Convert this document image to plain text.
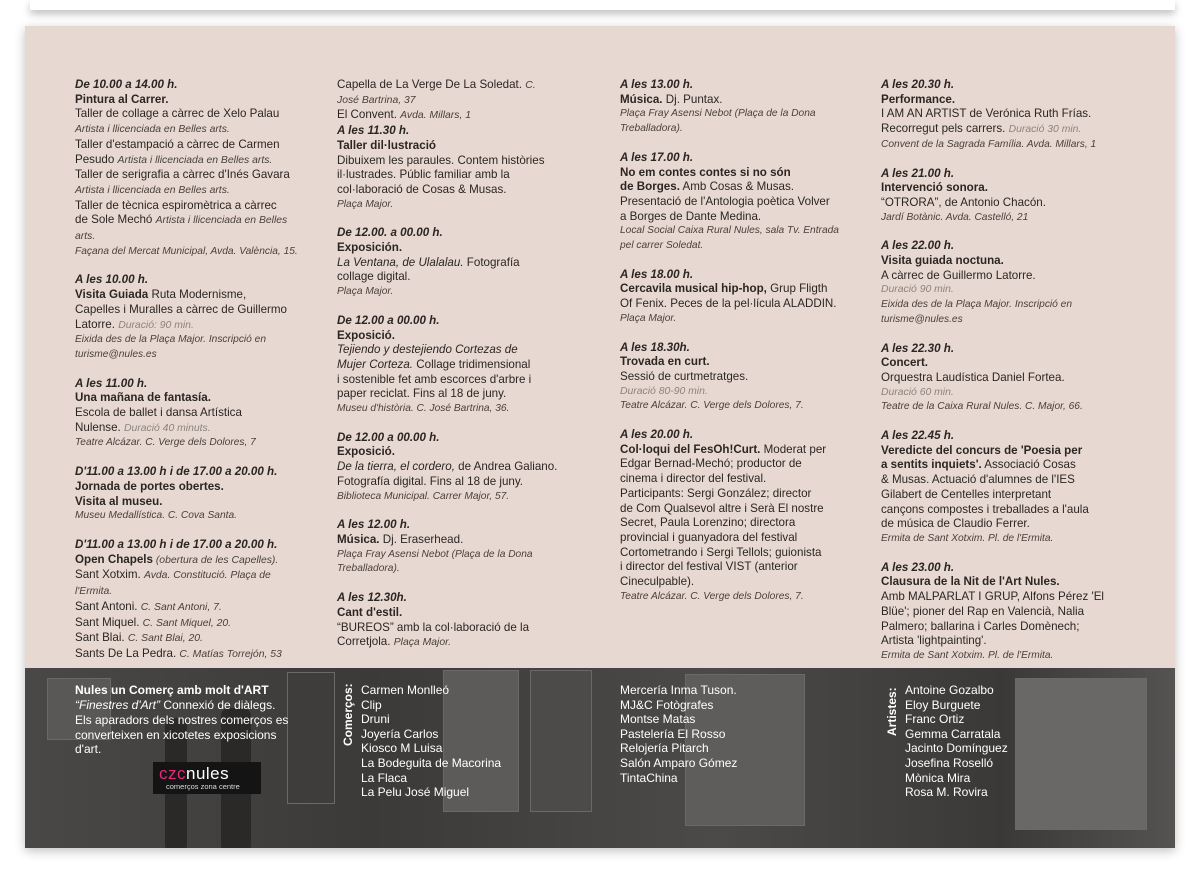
De 10.00 a 14.00 h.
Pintura al Carrer.
Taller de collage a càrrec de Xelo Palau
Artista i llicenciada en Belles arts.
Taller d'estampació a càrrec de Carmen
Pesudo Artista i llicenciada en Belles arts.
Taller de serigrafia a càrrec d'Inés Gavara
Artista i llicenciada en Belles arts.
Taller de tècnica espiromètrica a càrrec
de Sole Mechó Artista i llicenciada en Belles
arts.
Façana del Mercat Municipal, Avda. València, 15.
A les 10.00 h.
Visita Guiada Ruta Modernisme,
Capelles i Muralles a càrrec de Guillermo
Latorre. Duració: 90 min.
Eixida des de la Plaça Major. Inscripció en
turisme@nules.es
A les 11.00 h.
Una mañana de fantasía.
Escola de ballet i dansa Artística
Nulense. Duració 40 minuts.
Teatre Alcázar. C. Verge dels Dolores, 7
D'11.00 a 13.00 h i de 17.00 a 20.00 h.
Jornada de portes obertes.
Visita al museu.
Museu Medallística. C. Cova Santa.
D'11.00 a 13.00 h i de 17.00 a 20.00 h.
Open Chapels (obertura de les Capelles).
Sant Xotxim. Avda. Constitució. Plaça de
l'Ermita.
Sant Antoni. C. Sant Antoni, 7.
Sant Miquel. C. Sant Miquel, 20.
Sant Blai. C. Sant Blai, 20.
Sants De La Pedra. C. Matías Torrejón, 53
Capella de La Verge De La Soledat. C.
José Bartrina, 37
El Convent. Avda. Millars, 1
A les 11.30 h.
Taller dil·lustració
Dibuixem les paraules. Contem històries
il·lustrades. Públic familiar amb la
col·laboració de Cosas & Musas.
Plaça Major.
De 12.00. a 00.00 h.
Exposición.
La Ventana, de Ulalalau. Fotografía
collage digital.
Plaça Major.
De 12.00 a 00.00 h.
Exposició.
Tejiendo y destejiendo Cortezas de
Mujer Corteza. Collage tridimensional
i sostenible fet amb escorces d'arbre i
paper reciclat. Fins al 18 de juny.
Museu d'història. C. José Bartrina, 36.
De 12.00 a 00.00 h.
Exposició.
De la tierra, el cordero, de Andrea Galiano.
Fotografía digital. Fins al 18 de juny.
Biblioteca Municipal. Carrer Major, 57.
A les 12.00 h.
Música. Dj. Eraserhead.
Plaça Fray Asensi Nebot (Plaça de la Dona
Treballadora).
A les 12.30h.
Cant d'estil.
“BUREOS” amb la col·laboració de la
Corretjola. Plaça Major.
A les 13.00 h.
Música. Dj. Puntax.
Plaça Fray Asensi Nebot (Plaça de la Dona
Treballadora).
A les 17.00 h.
No em contes contes si no són
de Borges. Amb Cosas & Musas.
Presentació de l'Antologia poètica Volver
a Borges de Dante Medina.
Local Social Caixa Rural Nules, sala Tv. Entrada
pel carrer Soledat.
A les 18.00 h.
Cercavila musical hip-hop, Grup Fligth
Of Fenix. Peces de la pel·lícula ALADDIN.
Plaça Major.
A les 18.30h.
Trovada en curt.
Sessió de curtmetratges.
Duració 80-90 min.
Teatre Alcázar. C. Verge dels Dolores, 7.
A les 20.00 h.
Col·loqui del FesOh!Curt. Moderat per
Edgar Bernad-Mechó; productor de
cinema i director del festival.
Participants: Sergi González; director
de Com Qualsevol altre i Serà El nostre
Secret, Paula Lorenzino; directora
provincial i guanyadora del festival
Cortometrando i Sergi Tellols; guionista
i director del festival VIST (anterior
Cineculpable).
Teatre Alcázar. C. Verge dels Dolores, 7.
A les 20.30 h.
Performance.
I AM AN ARTIST de Verónica Ruth Frías.
Recorregut pels carrers. Duració 30 min.
Convent de la Sagrada Família. Avda. Millars, 1
A les 21.00 h.
Intervenció sonora.
“OTRORA”, de Antonio Chacón.
Jardí Botànic. Avda. Castelló, 21
A les 22.00 h.
Visita guiada noctuna.
A càrrec de Guillermo Latorre.
Duració 90 min.
Eixida des de la Plaça Major. Inscripció en
turisme@nules.es
A les 22.30 h.
Concert.
Orquestra Laudística Daniel Fortea.
Duració 60 min.
Teatre de la Caixa Rural Nules. C. Major, 66.
A les 22.45 h.
Veredicte del concurs de 'Poesia per
a sentits inquiets'. Associació Cosas
& Musas. Actuació d'alumnes de l'IES
Gilabert de Centelles interpretant
cançons compostes i treballades a l'aula
de música de Claudio Ferrer.
Ermita de Sant Xotxim. Pl. de l'Ermita.
A les 23.00 h.
Clausura de la Nit de l'Art Nules.
Amb MALPARLAT I GRUP, Alfons Pérez 'El
Blüe'; pioner del Rap en Valencià, Nalia
Palmero; ballarina i Carles Domènech;
Artista 'lightpainting'.
Ermita de Sant Xotxim. Pl. de l'Ermita.
Nules un Comerç amb molt d'ART
“Finestres d'Art” Connexió de diàlegs.
Els aparadors dels nostres comerços es
converteixen en xicotetes exposicions
d'art.
czcnules
comerços zona centre
Comerços: Carmen Monlleó
Clip
Druni
Joyería Carlos
Kiosco M Luisa
La Bodeguita de Macorina
La Flaca
La Pelu José Miguel
Mercería Inma Tuson.
MJ&C Fotògrafes
Montse Matas
Pastelería El Rosso
Relojería Pitarch
Salón Amparo Gómez
TintaChina
Artistes: Antoine Gozalbo
Eloy Burguete
Franc Ortiz
Gemma Carratala
Jacinto Domínguez
Josefina Roselló
Mònica Mira
Rosa M. Rovira
